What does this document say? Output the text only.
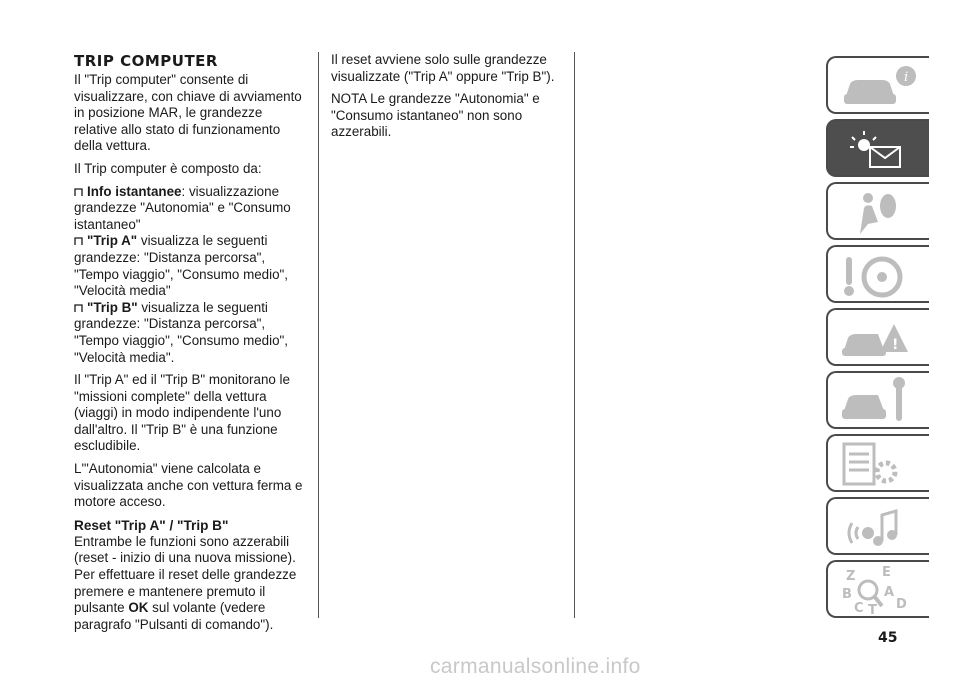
TRIP COMPUTER

Il "Trip computer" consente di visualizzare, con chiave di avviamento in posizione MAR, le grandezze relative allo stato di funzionamento della vettura.

Il Trip computer è composto da:

Info istantanee: visualizzazione grandezze "Autonomia" e "Consumo istantaneo"
"Trip A" visualizza le seguenti grandezze: "Distanza percorsa", "Tempo viaggio", "Consumo medio", "Velocità media"
"Trip B" visualizza le seguenti grandezze: "Distanza percorsa", "Tempo viaggio", "Consumo medio", "Velocità media".

Il "Trip A" ed il "Trip B" monitorano le "missioni complete" della vettura (viaggi) in modo indipendente l'uno dall'altro. Il "Trip B" è una funzione escludibile.

L'"Autonomia" viene calcolata e visualizzata anche con vettura ferma e motore acceso.

Reset "Trip A" / "Trip B"

Entrambe le funzioni sono azzerabili (reset - inizio di una nuova missione). Per effettuare il reset delle grandezze premere e mantenere premuto il pulsante OK sul volante (vedere paragrafo "Pulsanti di comando").

Il reset avviene solo sulle grandezze visualizzate ("Trip A" oppure "Trip B").

NOTA Le grandezze "Autonomia" e "Consumo istantaneo" non sono azzerabili.

i
!
Z E
B A
C T D
45
carmanualsonline.info
